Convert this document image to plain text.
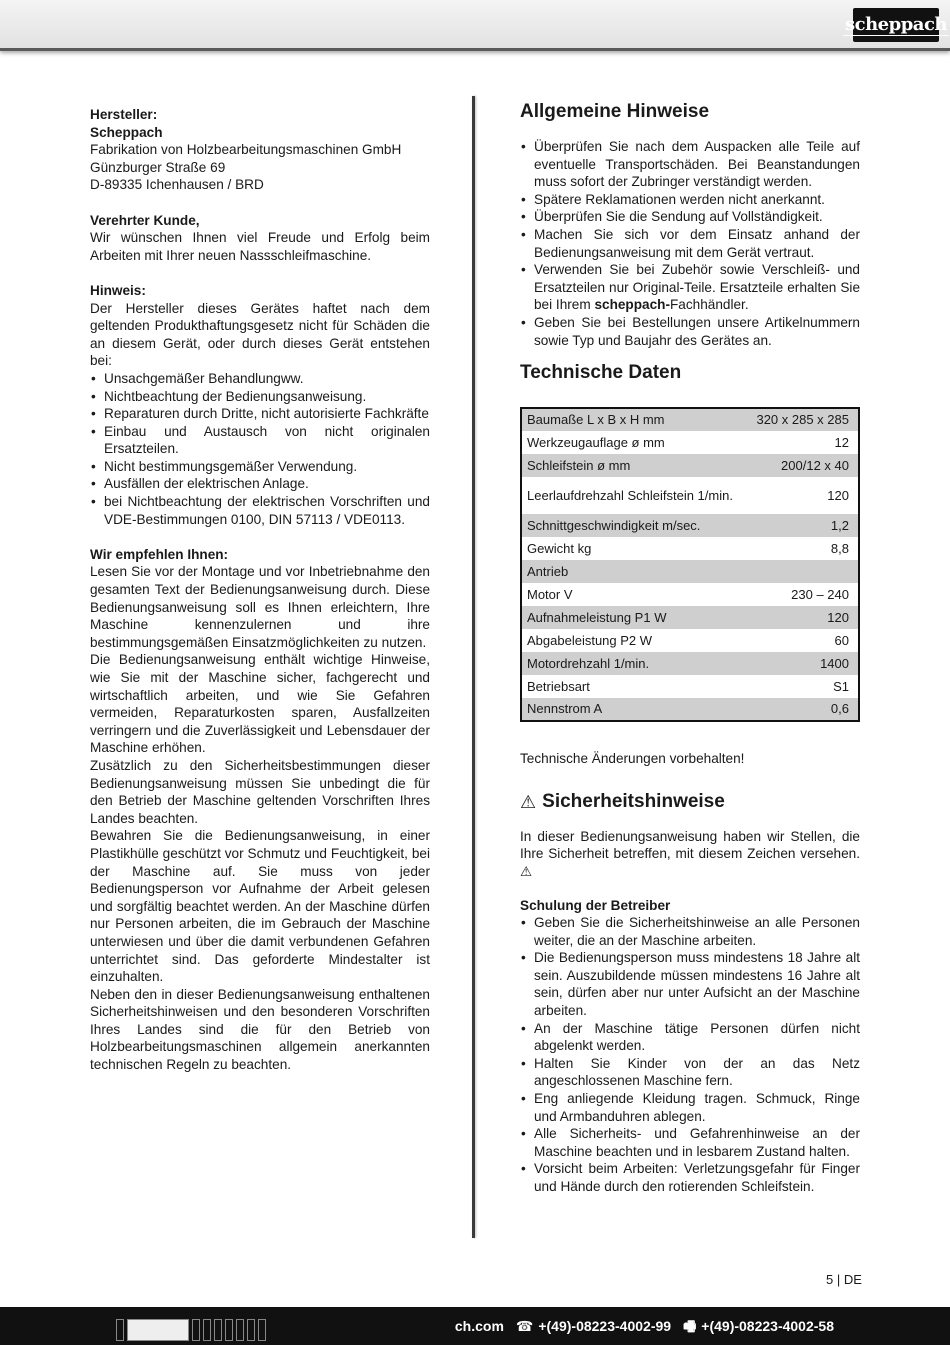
scheppach

Hersteller:

Scheppach

Fabrikation von Holzbearbeitungsmaschinen GmbH

Günzburger Straße 69

D-89335 Ichenhausen / BRD

Verehrter Kunde,

Wir wünschen Ihnen viel Freude und Erfolg beim Arbeiten mit Ihrer neuen Nassschleifmaschine.

Hinweis:

Der Hersteller dieses Gerätes haftet nach dem geltenden Produkthaftungsgesetz nicht für Schäden die an diesem Gerät, oder durch dieses Gerät entstehen bei:

• Unsachgemäßer Behandlungww.
• Nichtbeachtung der Bedienungsanweisung.
• Reparaturen durch Dritte, nicht autorisierte Fachkräfte
• Einbau und Austausch von nicht originalen Ersatzteilen.
• Nicht bestimmungsgemäßer Verwendung.
• Ausfällen der elektrischen Anlage.
• bei Nichtbeachtung der elektrischen Vorschriften und VDE-Bestimmungen 0100, DIN 57113 / VDE0113.

Wir empfehlen Ihnen:

Lesen Sie vor der Montage und vor Inbetriebnahme den gesamten Text der Bedienungsanweisung durch. Diese Bedienungsanweisung soll es Ihnen erleichtern, Ihre Maschine kennenzulernen und ihre bestimmungsgemäßen Einsatzmöglichkeiten zu nutzen.

Die Bedienungsanweisung enthält wichtige Hinweise, wie Sie mit der Maschine sicher, fachgerecht und wirtschaftlich arbeiten, und wie Sie Gefahren vermeiden, Reparaturkosten sparen, Ausfallzeiten verringern und die Zuverlässigkeit und Lebensdauer der Maschine erhöhen.

Zusätzlich zu den Sicherheitsbestimmungen dieser Bedienungsanweisung müssen Sie unbedingt die für den Betrieb der Maschine geltenden Vorschriften Ihres Landes beachten.

Bewahren Sie die Bedienungsanweisung, in einer Plastikhülle geschützt vor Schmutz und Feuchtigkeit, bei der Maschine auf. Sie muss von jeder Bedienungsperson vor Aufnahme der Arbeit gelesen und sorgfältig beachtet werden. An der Maschine dürfen nur Personen arbeiten, die im Gebrauch der Maschine unterwiesen und über die damit verbundenen Gefahren unterrichtet sind. Das geforderte Mindestalter ist einzuhalten.

Neben den in dieser Bedienungsanweisung enthaltenen Sicherheitshinweisen und den besonderen Vorschriften Ihres Landes sind die für den Betrieb von Holzbearbeitungsmaschinen allgemein anerkannten technischen Regeln zu beachten.

Allgemeine Hinweise
• Überprüfen Sie nach dem Auspacken alle Teile auf eventuelle Transportschäden. Bei Beanstandungen muss sofort der Zubringer verständigt werden.
• Spätere Reklamationen werden nicht anerkannt.
• Überprüfen Sie die Sendung auf Vollständigkeit.
• Machen Sie sich vor dem Einsatz anhand der Bedienungsanweisung mit dem Gerät vertraut.
• Verwenden Sie bei Zubehör sowie Verschleiß- und Ersatzteilen nur Original-Teile. Ersatzteile erhalten Sie bei Ihrem scheppach-Fachhändler.
• Geben Sie bei Bestellungen unsere Artikelnummern sowie Typ und Baujahr des Gerätes an.
Technische Daten
Baumaße L x B x H mm	320 x 285 x 285
Werkzeugauflage ø mm	12
Schleifstein ø mm	200/12 x 40
Leerlaufdrehzahl Schleifstein 1/min.	120
Schnittgeschwindigkeit m/sec.	1,2
Gewicht kg	8,8
Antrieb	
Motor V	230 – 240
Aufnahmeleistung P1 W	120
Abgabeleistung P2 W	60
Motordrehzahl 1/min.	1400
Betriebsart	S1
Nennstrom A	0,6

Technische Änderungen vorbehalten!

⚠ Sicherheitshinweise

In dieser Bedienungsanweisung haben wir Stellen, die Ihre Sicherheit betreffen, mit diesem Zeichen versehen. ⚠

Schulung der Betreiber

• Geben Sie die Sicherheitshinweise an alle Personen weiter, die an der Maschine arbeiten.
• Die Bedienungsperson muss mindestens 18 Jahre alt sein. Auszubildende müssen mindestens 16 Jahre alt sein, dürfen aber nur unter Aufsicht an der Maschine arbeiten.
• An der Maschine tätige Personen dürfen nicht abgelenkt werden.
• Halten Sie Kinder von der an das Netz angeschlossenen Maschine fern.
• Eng anliegende Kleidung tragen. Schmuck, Ringe und Armbanduhren ablegen.
• Alle Sicherheits- und Gefahrenhinweise an der Maschine beachten und in lesbarem Zustand halten.
• Vorsicht beim Arbeiten: Verletzungsgefahr für Finger und Hände durch den rotierenden Schleifstein.
5 | DE
ch.com ☎ +(49)-08223-4002-99 🖷 +(49)-08223-4002-58
